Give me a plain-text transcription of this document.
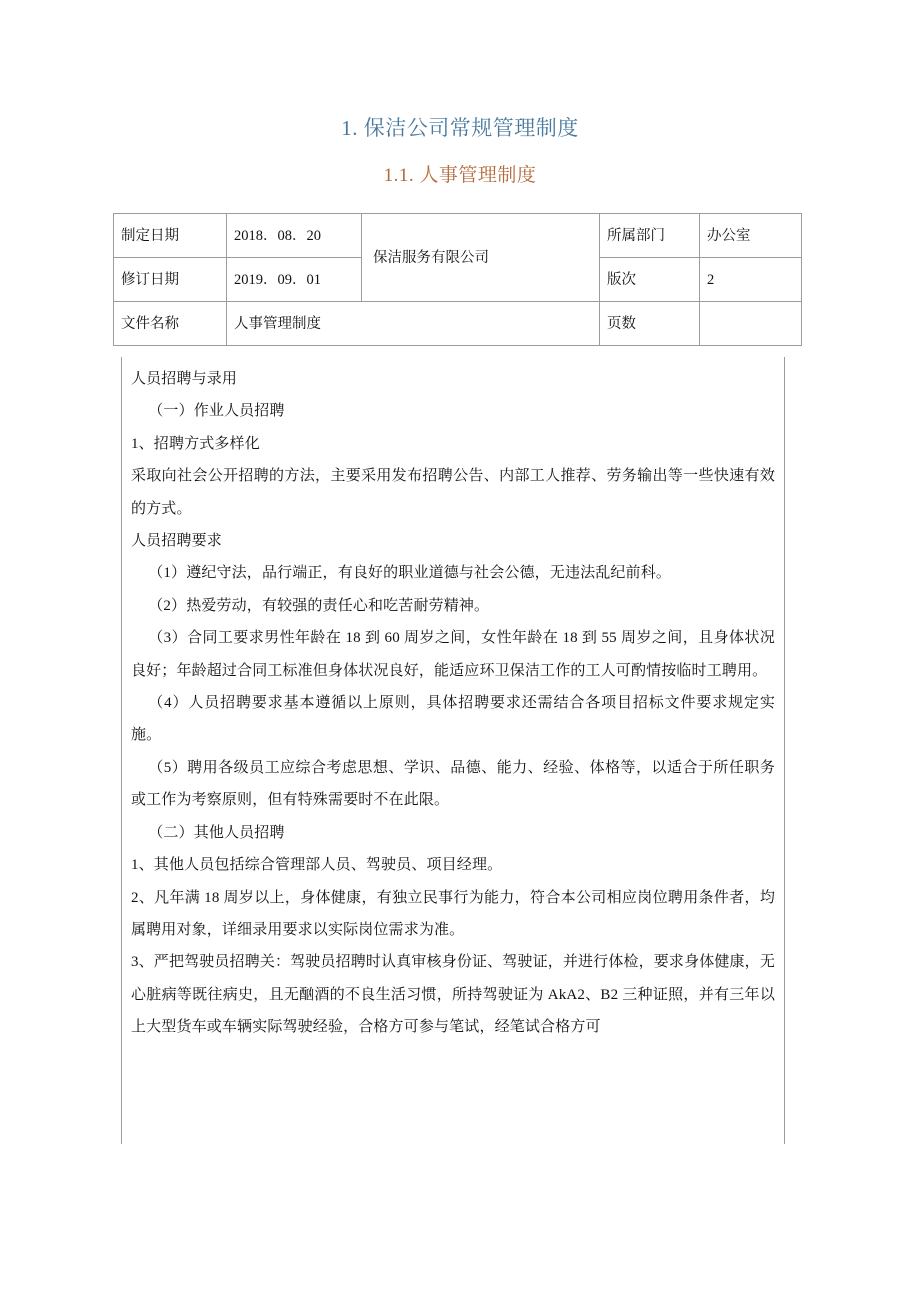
1. 保洁公司常规管理制度
1.1. 人事管理制度
制定日期	2018．08．20	保洁服务有限公司	所属部门	办公室
修订日期	2019．09．01		版次	2
文件名称	人事管理制度		页数	

人员招聘与录用

（一）作业人员招聘

1、招聘方式多样化

采取向社会公开招聘的方法，主要采用发布招聘公告、内部工人推荐、劳务输出等一些快速有效的方式。

人员招聘要求

（1）遵纪守法，品行端正，有良好的职业道德与社会公德，无违法乱纪前科。

（2）热爱劳动，有较强的责任心和吃苦耐劳精神。

（3）合同工要求男性年龄在 18 到 60 周岁之间，女性年龄在 18 到 55 周岁之间，且身体状况良好；年龄超过合同工标准但身体状况良好，能适应环卫保洁工作的工人可酌情按临时工聘用。

（4）人员招聘要求基本遵循以上原则，具体招聘要求还需结合各项目招标文件要求规定实施。

（5）聘用各级员工应综合考虑思想、学识、品德、能力、经验、体格等，以适合于所任职务或工作为考察原则，但有特殊需要时不在此限。

（二）其他人员招聘

1、其他人员包括综合管理部人员、驾驶员、项目经理。

2、凡年满 18 周岁以上，身体健康，有独立民事行为能力，符合本公司相应岗位聘用条件者，均属聘用对象，详细录用要求以实际岗位需求为准。

3、严把驾驶员招聘关：驾驶员招聘时认真审核身份证、驾驶证，并进行体检，要求身体健康，无心脏病等既往病史，且无酗酒的不良生活习惯，所持驾驶证为 AkA2、B2 三种证照，并有三年以上大型货车或车辆实际驾驶经验，合格方可参与笔试，经笔试合格方可
